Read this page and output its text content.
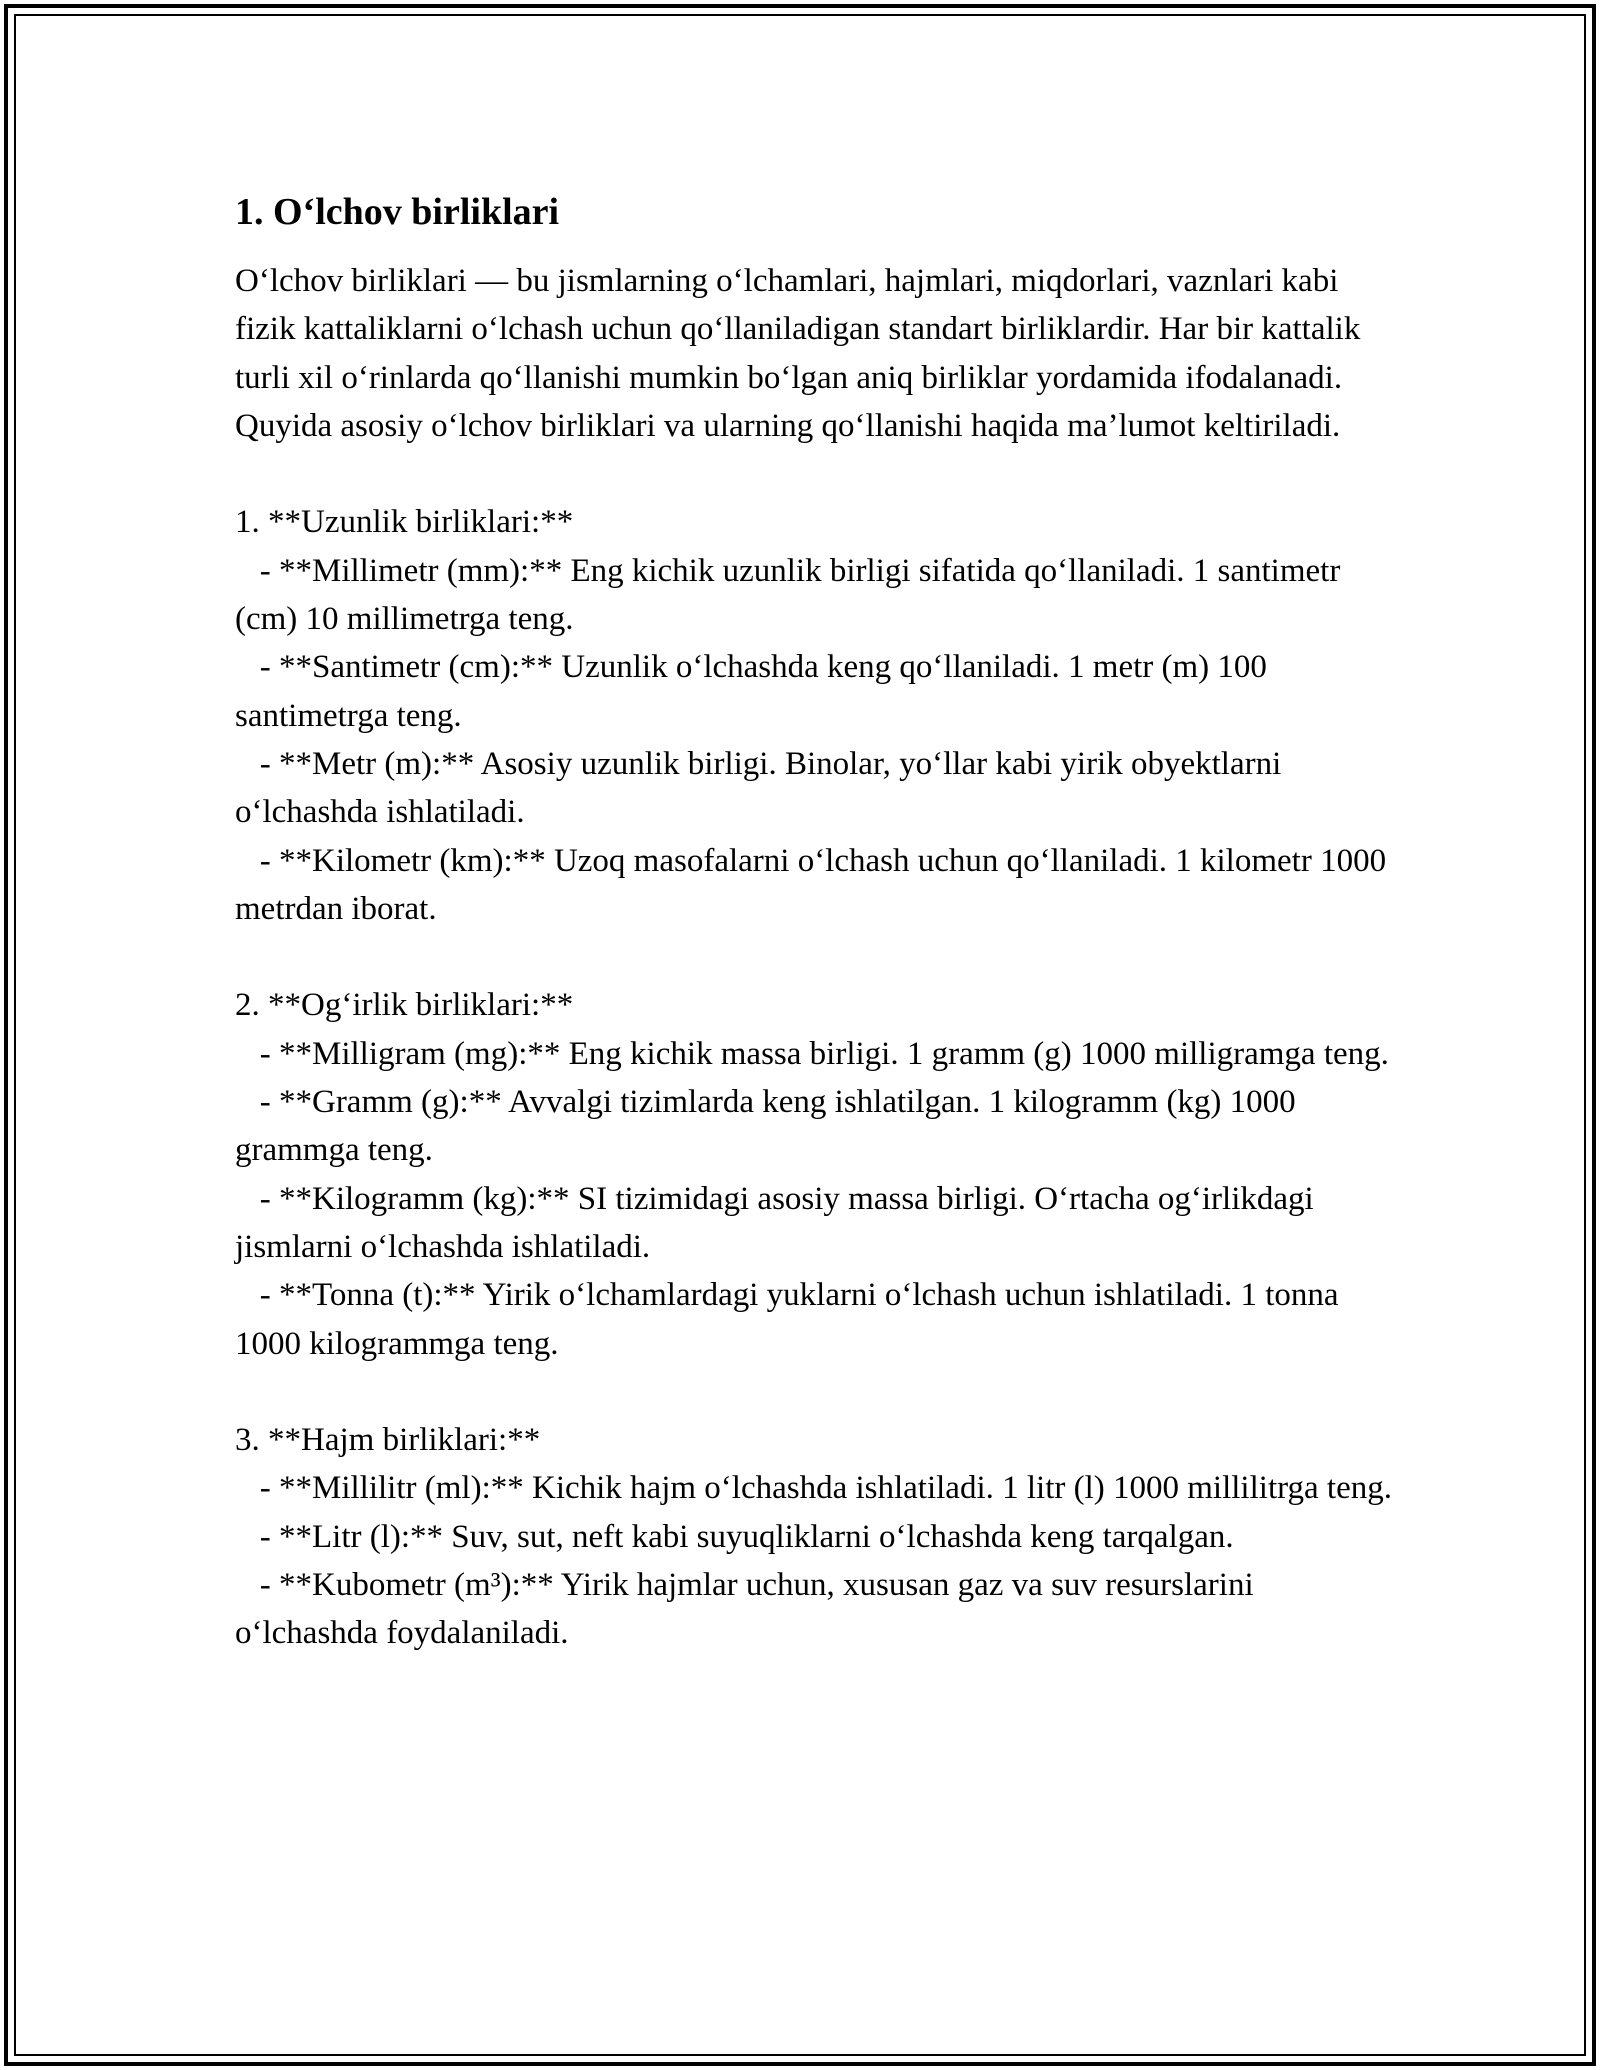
1. O‘lchov birliklari

O‘lchov birliklari — bu jismlarning o‘lchamlari, hajmlari, miqdorlari, vaznlari kabi fizik kattaliklarni o‘lchash uchun qo‘llaniladigan standart birliklardir. Har bir kattalik turli xil o‘rinlarda qo‘llanishi mumkin bo‘lgan aniq birliklar yordamida ifodalanadi. Quyida asosiy o‘lchov birliklari va ularning qo‘llanishi haqida ma’lumot keltiriladi.

1. **Uzunlik birliklari:**

- **Millimetr (mm):** Eng kichik uzunlik birligi sifatida qo‘llaniladi. 1 santimetr (cm) 10 millimetrga teng.

- **Santimetr (cm):** Uzunlik o‘lchashda keng qo‘llaniladi. 1 metr (m) 100 santimetrga teng.

- **Metr (m):** Asosiy uzunlik birligi. Binolar, yo‘llar kabi yirik obyektlarni o‘lchashda ishlatiladi.

- **Kilometr (km):** Uzoq masofalarni o‘lchash uchun qo‘llaniladi. 1 kilometr 1000 metrdan iborat.

2. **Og‘irlik birliklari:**

- **Milligram (mg):** Eng kichik massa birligi. 1 gramm (g) 1000 milligramga teng.

- **Gramm (g):** Avvalgi tizimlarda keng ishlatilgan. 1 kilogramm (kg) 1000 grammga teng.

- **Kilogramm (kg):** SI tizimidagi asosiy massa birligi. O‘rtacha og‘irlikdagi jismlarni o‘lchashda ishlatiladi.

- **Tonna (t):** Yirik o‘lchamlardagi yuklarni o‘lchash uchun ishlatiladi. 1 tonna 1000 kilogrammga teng.

3. **Hajm birliklari:**

- **Millilitr (ml):** Kichik hajm o‘lchashda ishlatiladi. 1 litr (l) 1000 millilitrga teng.

- **Litr (l):** Suv, sut, neft kabi suyuqliklarni o‘lchashda keng tarqalgan.

- **Kubometr (m³):** Yirik hajmlar uchun, xususan gaz va suv resurslarini o‘lchashda foydalaniladi.
